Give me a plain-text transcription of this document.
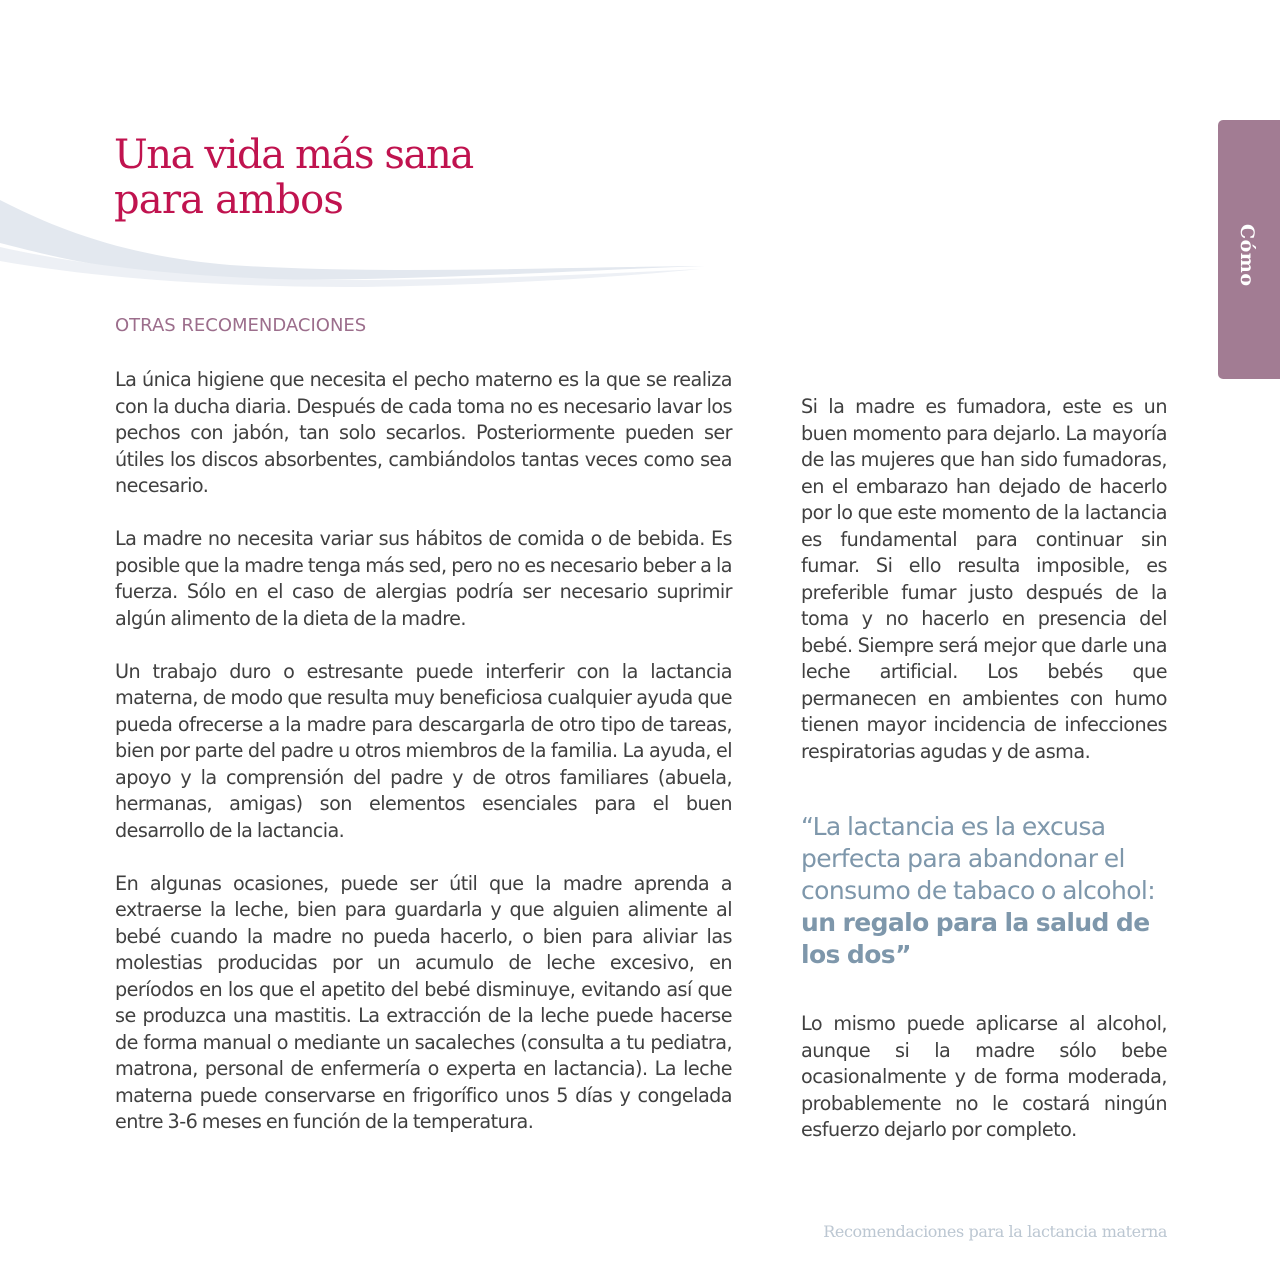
Una vida más sana
para ambos
Cómo
OTRAS RECOMENDACIONES

La única higiene que necesita el pecho materno es la que se realiza con la ducha diaria. Después de cada toma no es necesario lavar los pechos con jabón, tan solo secarlos. Posteriormente pueden ser útiles los discos absorbentes, cambiándolos tantas veces como sea necesario.

La madre no necesita variar sus hábitos de comida o de bebida. Es posible que la madre tenga más sed, pero no es necesario beber a la fuerza. Sólo en el caso de alergias podría ser necesario suprimir algún alimento de la dieta de la madre.

Un trabajo duro o estresante puede interferir con la lactancia materna, de modo que resulta muy beneficiosa cualquier ayuda que pueda ofrecerse a la madre para descargarla de otro tipo de tareas, bien por parte del padre u otros miembros de la familia. La ayuda, el apoyo y la comprensión del padre y de otros familiares (abuela, hermanas, amigas) son elementos esenciales para el buen desarrollo de la lactancia.

En algunas ocasiones, puede ser útil que la madre aprenda a extraerse la leche, bien para guardarla y que alguien alimente al bebé cuando la madre no pueda hacerlo, o bien para aliviar las molestias producidas por un acumulo de leche excesivo, en períodos en los que el apetito del bebé disminuye, evitando así que se produzca una mastitis. La extracción de la leche puede hacerse de forma manual o mediante un sacaleches (consulta a tu pediatra, matrona, personal de enfermería o experta en lactancia). La leche materna puede conservarse en frigorífico unos 5 días y congelada entre 3-6 meses en función de la temperatura.

Si la madre es fumadora, este es un buen momento para dejarlo. La mayoría de las mujeres que han sido fumadoras, en el embarazo han dejado de hacerlo por lo que este momento de la lactancia es fundamental para continuar sin fumar. Si ello resulta imposible, es preferible fumar justo después de la toma y no hacerlo en presencia del bebé. Siempre será mejor que darle una leche artificial. Los bebés que permanecen en ambientes con humo tienen mayor incidencia de infecciones respiratorias agudas y de asma.

“La lactancia es la excusa perfecta para abandonar el consumo de tabaco o alcohol: un regalo para la salud de los dos”

Lo mismo puede aplicarse al alcohol, aunque si la madre sólo bebe ocasionalmente y de forma moderada, probablemente no le costará ningún esfuerzo dejarlo por completo.

Recomendaciones para la lactancia materna
